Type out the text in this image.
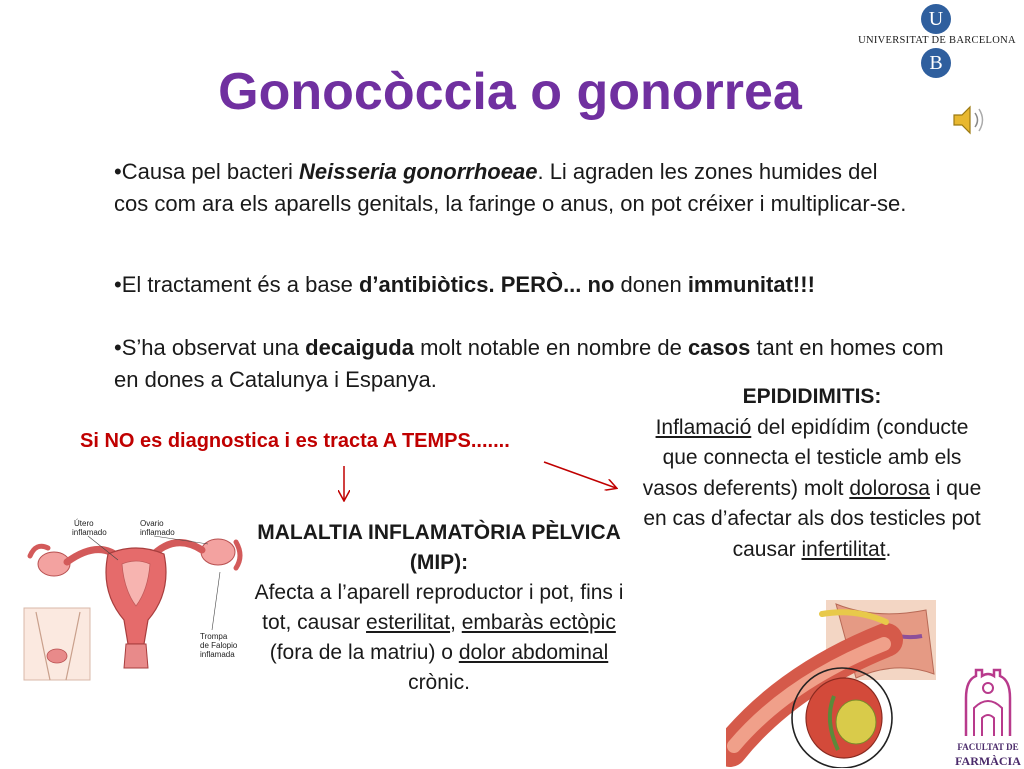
U
UNIVERSITAT DE BARCELONA
B
Gonocòccia o gonorrea
•Causa pel bacteri Neisseria gonorrhoeae. Li agraden les zones humides del cos com ara els aparells genitals, la faringe o anus, on pot créixer i multiplicar-se.
•El tractament és a base d’antibiòtics. PERÒ... no donen immunitat!!!
•S’ha observat una decaiguda molt notable en nombre de casos tant en homes com en dones a Catalunya i Espanya.
Si NO es diagnostica i es tracta A TEMPS.......
EPIDIDIMITIS:
Inflamació del epidídim (conducte que connecta el testicle amb els vasos deferents) molt dolorosa i que en cas d’afectar als dos testicles pot causar infertilitat.
MALALTIA INFLAMATÒRIA PÈLVICA (MIP):
Afecta a l’aparell reproductor i pot, fins i tot, causar esterilitat, embaràs ectòpic (fora de la matriu) o dolor abdominal crònic.
Útero
inflamado
Ovario
inflamado
Trompa
de Falopio
inflamada
FACULTAT DE
FARMÀCIA
